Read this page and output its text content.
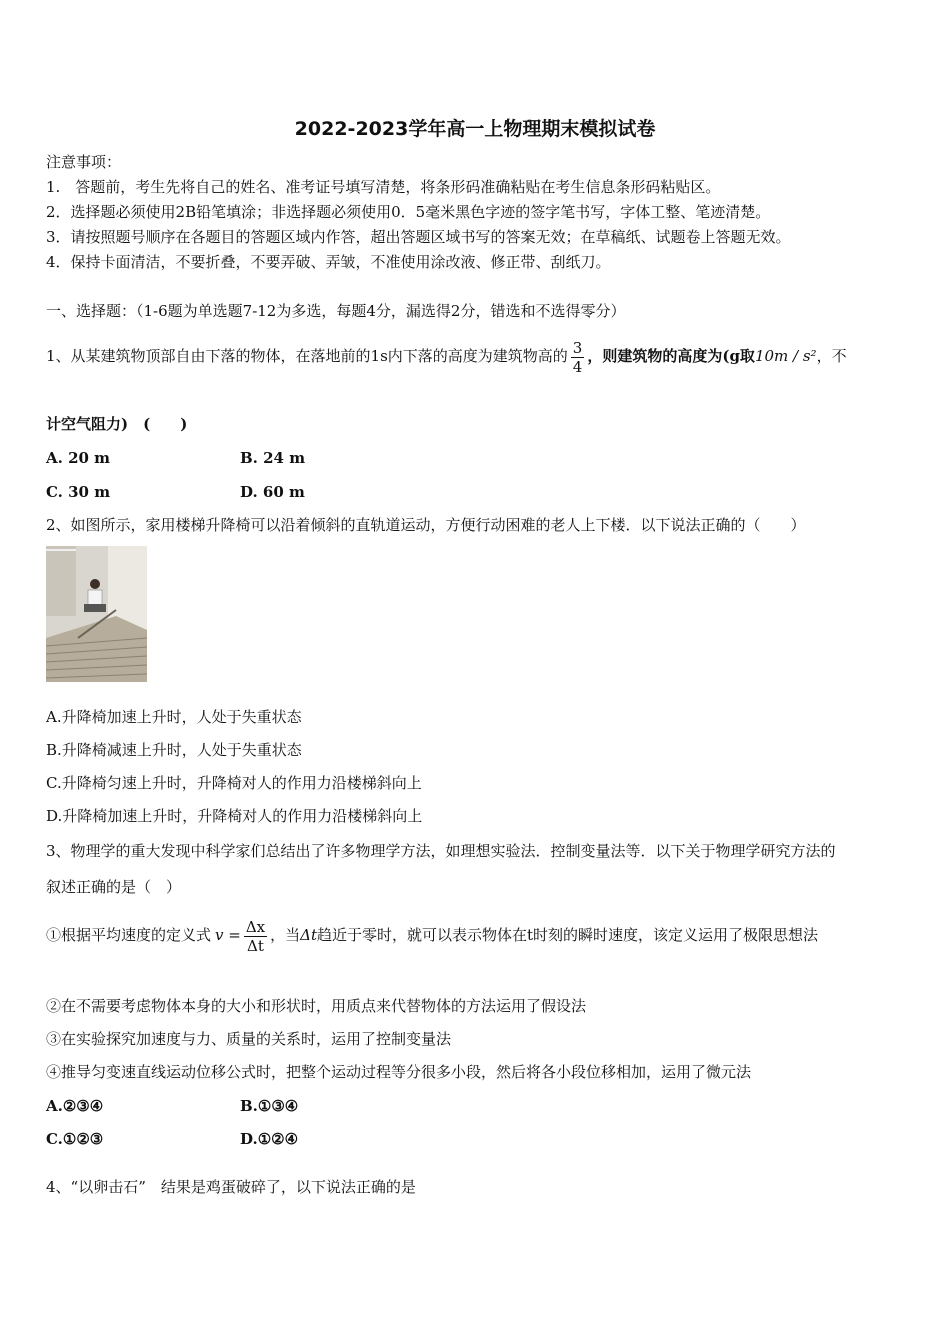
2022-2023学年高一上物理期末模拟试卷
注意事项：
1.　答题前，考生先将自己的姓名、准考证号填写清楚，将条形码准确粘贴在考生信息条形码粘贴区。
2．选择题必须使用2B铅笔填涂；非选择题必须使用0．5毫米黑色字迹的签字笔书写，字体工整、笔迹清楚。
3．请按照题号顺序在各题目的答题区域内作答，超出答题区域书写的答案无效；在草稿纸、试题卷上答题无效。
4．保持卡面清洁，不要折叠，不要弄破、弄皱，不准使用涂改液、修正带、刮纸刀。
一、选择题：（1-6题为单选题7-12为多选，每题4分，漏选得2分，错选和不选得零分）
1、从某建筑物顶部自由下落的物体，在落地前的1s内下落的高度为建筑物高的 $\frac{3}{4}$ ，则建筑物的高度为(g取10m / s²，不
计空气阻力)　(　　)
A. 20 m	B. 24 m
C. 30 m	D. 60 m
2、如图所示，家用楼梯升降椅可以沿着倾斜的直轨道运动，方便行动困难的老人上下楼．以下说法正确的（　　）
A.升降椅加速上升时，人处于失重状态
B.升降椅减速上升时，人处于失重状态
C.升降椅匀速上升时，升降椅对人的作用力沿楼梯斜向上
D.升降椅加速上升时，升降椅对人的作用力沿楼梯斜向上
3、物理学的重大发现中科学家们总结出了许多物理学方法，如理想实验法．控制变量法等．以下关于物理学研究方法的
叙述正确的是（　）
①根据平均速度的定义式 $v = \frac{\Delta x}{\Delta t}$ ，当Δt趋近于零时，就可以表示物体在t时刻的瞬时速度，该定义运用了极限思想法
②在不需要考虑物体本身的大小和形状时，用质点来代替物体的方法运用了假设法
③在实验探究加速度与力、质量的关系时，运用了控制变量法
④推导匀变速直线运动位移公式时，把整个运动过程等分很多小段，然后将各小段位移相加，运用了微元法
A.②③④	B.①③④
C.①②③	D.①②④
4、“以卵击石”　结果是鸡蛋破碎了，以下说法正确的是
